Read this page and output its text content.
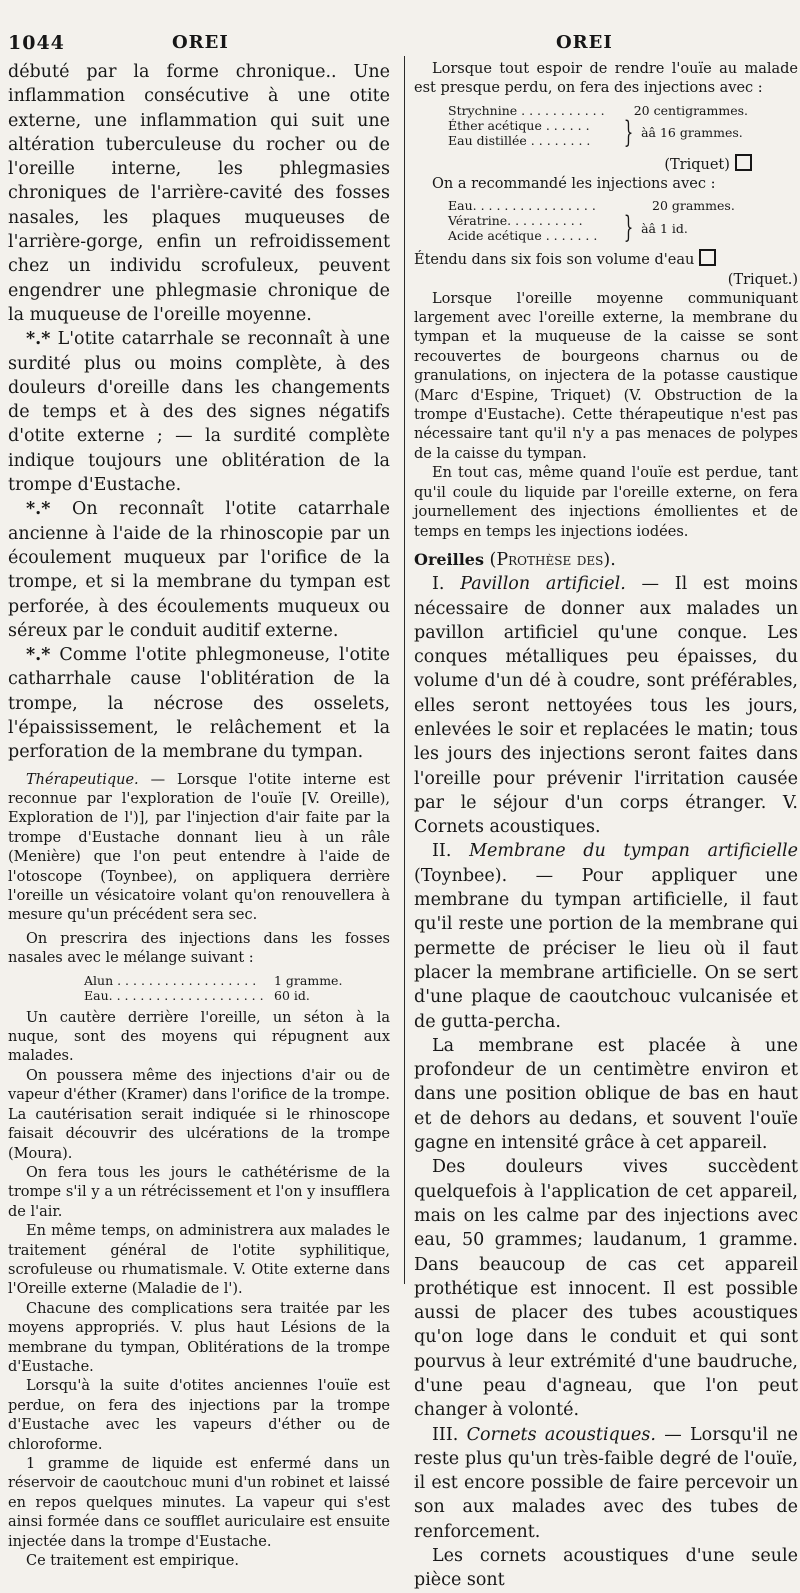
1044	OREI	OREI

débuté par la forme chronique.. Une inflammation consécutive à une otite externe, une inflammation qui suit une altération tuberculeuse du rocher ou de l'oreille interne, les phlegmasies chroniques de l'arrière-cavité des fosses nasales, les plaques muqueuses de l'arrière-gorge, enfin un refroidissement chez un individu scrofuleux, peuvent engendrer une phlegmasie chronique de la muqueuse de l'oreille moyenne.

*.* L'otite catarrhale se reconnaît à une surdité plus ou moins complète, à des douleurs d'oreille dans les changements de temps et à des des signes négatifs d'otite externe ; — la surdité complète indique toujours une oblitération de la trompe d'Eustache.

*.* On reconnaît l'otite catarrhale ancienne à l'aide de la rhinoscopie par un écoulement muqueux par l'orifice de la trompe, et si la membrane du tympan est perforée, à des écoulements muqueux ou séreux par le conduit auditif externe.

*.* Comme l'otite phlegmoneuse, l'otite catharrhale cause l'oblitération de la trompe, la nécrose des osselets, l'épaississement, le relâchement et la perforation de la membrane du tympan.

Thérapeutique. — Lorsque l'otite interne est reconnue par l'exploration de l'ouïe [V. Oreille), Exploration de l')], par l'injection d'air faite par la trompe d'Eustache donnant lieu à un râle (Menière) que l'on peut entendre à l'aide de l'otoscope (Toynbee), on appliquera derrière l'oreille un vésicatoire volant qu'on renouvellera à mesure qu'un précédent sera sec.

On prescrira des injections dans les fosses nasales avec le mélange suivant :

Alun . . . . . . . . . . . . . . . . . .	1 gramme.
Eau. . . . . . . . . . . . . . . . . . . . 60 id.

Un cautère derrière l'oreille, un séton à la nuque, sont des moyens qui répugnent aux malades.

On poussera même des injections d'air ou de vapeur d'éther (Kramer) dans l'orifice de la trompe. La cautérisation serait indiquée si le rhinoscope faisait découvrir des ulcérations de la trompe (Moura).

On fera tous les jours le cathétérisme de la trompe s'il y a un rétrécissement et l'on y insufflera de l'air.

En même temps, on administrera aux malades le traitement général de l'otite syphilitique, scrofuleuse ou rhumatismale. V. Otite externe dans l'Oreille externe (Maladie de l').

Chacune des complications sera traitée par les moyens appropriés. V. plus haut Lésions de la membrane du tympan, Oblitérations de la trompe d'Eustache.

Lorsqu'à la suite d'otites anciennes l'ouïe est perdue, on fera des injections par la trompe d'Eustache avec les vapeurs d'éther ou de chloroforme.

1 gramme de liquide est enfermé dans un réservoir de caoutchouc muni d'un robinet et laissé en repos quelques minutes. La vapeur qui s'est ainsi formée dans ce soufflet auriculaire est ensuite injectée dans la trompe d'Eustache.

Ce traitement est empirique.

Lorsque tout espoir de rendre l'ouïe au malade est presque perdu, on fera des injections avec :

Strychnine . . . . . . . . . . .	20 centigrammes.
Éther acétique . . . . . .
Eau distillée . . . . . . . .	} àâ 16 grammes.
(Triquet)

On a recommandé les injections avec :

Eau. . . . . . . . . . . . . . . .	20 grammes.
Vératrine. . . . . . . . . .
Acide acétique . . . . . . . } àâ 1 id.

Étendu dans six fois son volume d'eau

(Triquet.)

Lorsque l'oreille moyenne communiquant largement avec l'oreille externe, la membrane du tympan et la muqueuse de la caisse se sont recouvertes de bourgeons charnus ou de granulations, on injectera de la potasse caustique (Marc d'Espine, Triquet) (V. Obstruction de la trompe d'Eustache). Cette thérapeutique n'est pas nécessaire tant qu'il n'y a pas menaces de polypes de la caisse du tympan.

En tout cas, même quand l'ouïe est perdue, tant qu'il coule du liquide par l'oreille externe, on fera journellement des injections émollientes et de temps en temps les injections iodées.

Oreilles (Prothèse des).

I. Pavillon artificiel. — Il est moins nécessaire de donner aux malades un pavillon artificiel qu'une conque. Les conques métalliques peu épaisses, du volume d'un dé à coudre, sont préférables, elles seront nettoyées tous les jours, enlevées le soir et replacées le matin; tous les jours des injections seront faites dans l'oreille pour prévenir l'irritation causée par le séjour d'un corps étranger. V. Cornets acoustiques.

II. Membrane du tympan artificielle (Toynbee). — Pour appliquer une membrane du tympan artificielle, il faut qu'il reste une portion de la membrane qui permette de préciser le lieu où il faut placer la membrane artificielle. On se sert d'une plaque de caoutchouc vulcanisée et de gutta-percha.

La membrane est placée à une profondeur de un centimètre environ et dans une position oblique de bas en haut et de dehors au dedans, et souvent l'ouïe gagne en intensité grâce à cet appareil.

Des douleurs vives succèdent quelquefois à l'application de cet appareil, mais on les calme par des injections avec eau, 50 grammes; laudanum, 1 gramme. Dans beaucoup de cas cet appareil prothétique est innocent. Il est possible aussi de placer des tubes acoustiques qu'on loge dans le conduit et qui sont pourvus à leur extrémité d'une baudruche, d'une peau d'agneau, que l'on peut changer à volonté.

III. Cornets acoustiques. — Lorsqu'il ne reste plus qu'un très-faible degré de l'ouïe, il est encore possible de faire percevoir un son aux malades avec des tubes de renforcement.

Les cornets acoustiques d'une seule pièce sont
